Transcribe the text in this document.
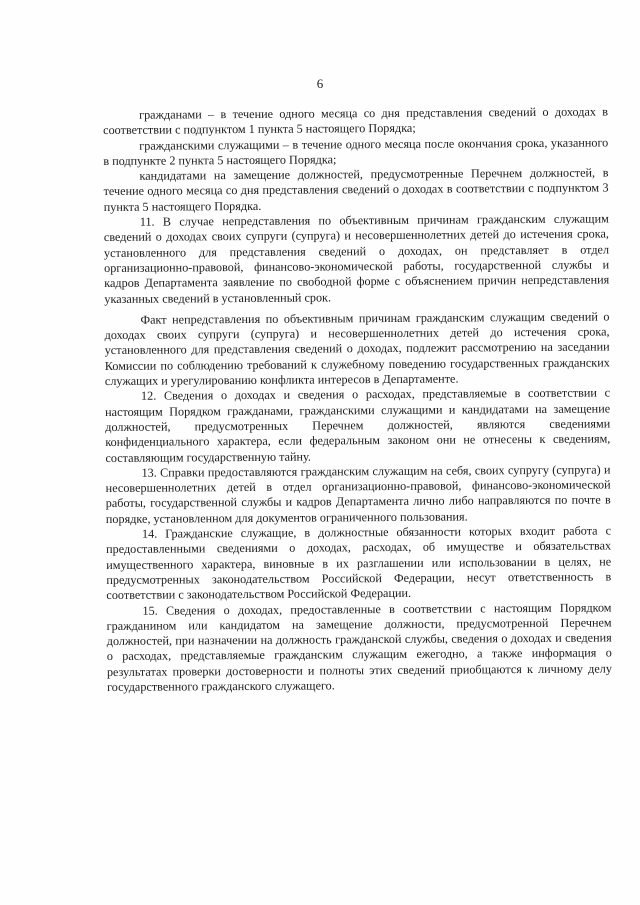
6

гражданами – в течение одного месяца со дня представления сведений о доходах в соответствии с подпунктом 1 пункта 5 настоящего Порядка;

гражданскими служащими – в течение одного месяца после окончания срока, указанного в подпункте 2 пункта 5 настоящего Порядка;

кандидатами на замещение должностей, предусмотренные Перечнем должностей, в течение одного месяца со дня представления сведений о доходах в соответствии с подпунктом 3 пункта 5 настоящего Порядка.

11. В случае непредставления по объективным причинам гражданским служащим сведений о доходах своих супруги (супруга) и несовершеннолетних детей до истечения срока, установленного для представления сведений о доходах, он представляет в отдел организационно-правовой, финансово-экономической работы, государственной службы и кадров Департамента заявление по свободной форме с объяснением причин непредставления указанных сведений в установленный срок.

Факт непредставления по объективным причинам гражданским служащим сведений о доходах своих супруги (супруга) и несовершеннолетних детей до истечения срока, установленного для представления сведений о доходах, подлежит рассмотрению на заседании Комиссии по соблюдению требований к служебному поведению государственных гражданских служащих и урегулированию конфликта интересов в Департаменте.

12. Сведения о доходах и сведения о расходах, представляемые в соответствии с настоящим Порядком гражданами, гражданскими служащими и кандидатами на замещение должностей, предусмотренных Перечнем должностей, являются сведениями конфиденциального характера, если федеральным законом они не отнесены к сведениям, составляющим государственную тайну.

13. Справки предоставляются гражданским служащим на себя, своих супругу (супруга) и несовершеннолетних детей в отдел организационно-правовой, финансово-экономической работы, государственной службы и кадров Департамента лично либо направляются по почте в порядке, установленном для документов ограниченного пользования.

14. Гражданские служащие, в должностные обязанности которых входит работа с предоставленными сведениями о доходах, расходах, об имуществе и обязательствах имущественного характера, виновные в их разглашении или использовании в целях, не предусмотренных законодательством Российской Федерации, несут ответственность в соответствии с законодательством Российской Федерации.

15. Сведения о доходах, предоставленные в соответствии с настоящим Порядком гражданином или кандидатом на замещение должности, предусмотренной Перечнем должностей, при назначении на должность гражданской службы, сведения о доходах и сведения о расходах, представляемые гражданским служащим ежегодно, а также информация о результатах проверки достоверности и полноты этих сведений приобщаются к личному делу государственного гражданского служащего.
